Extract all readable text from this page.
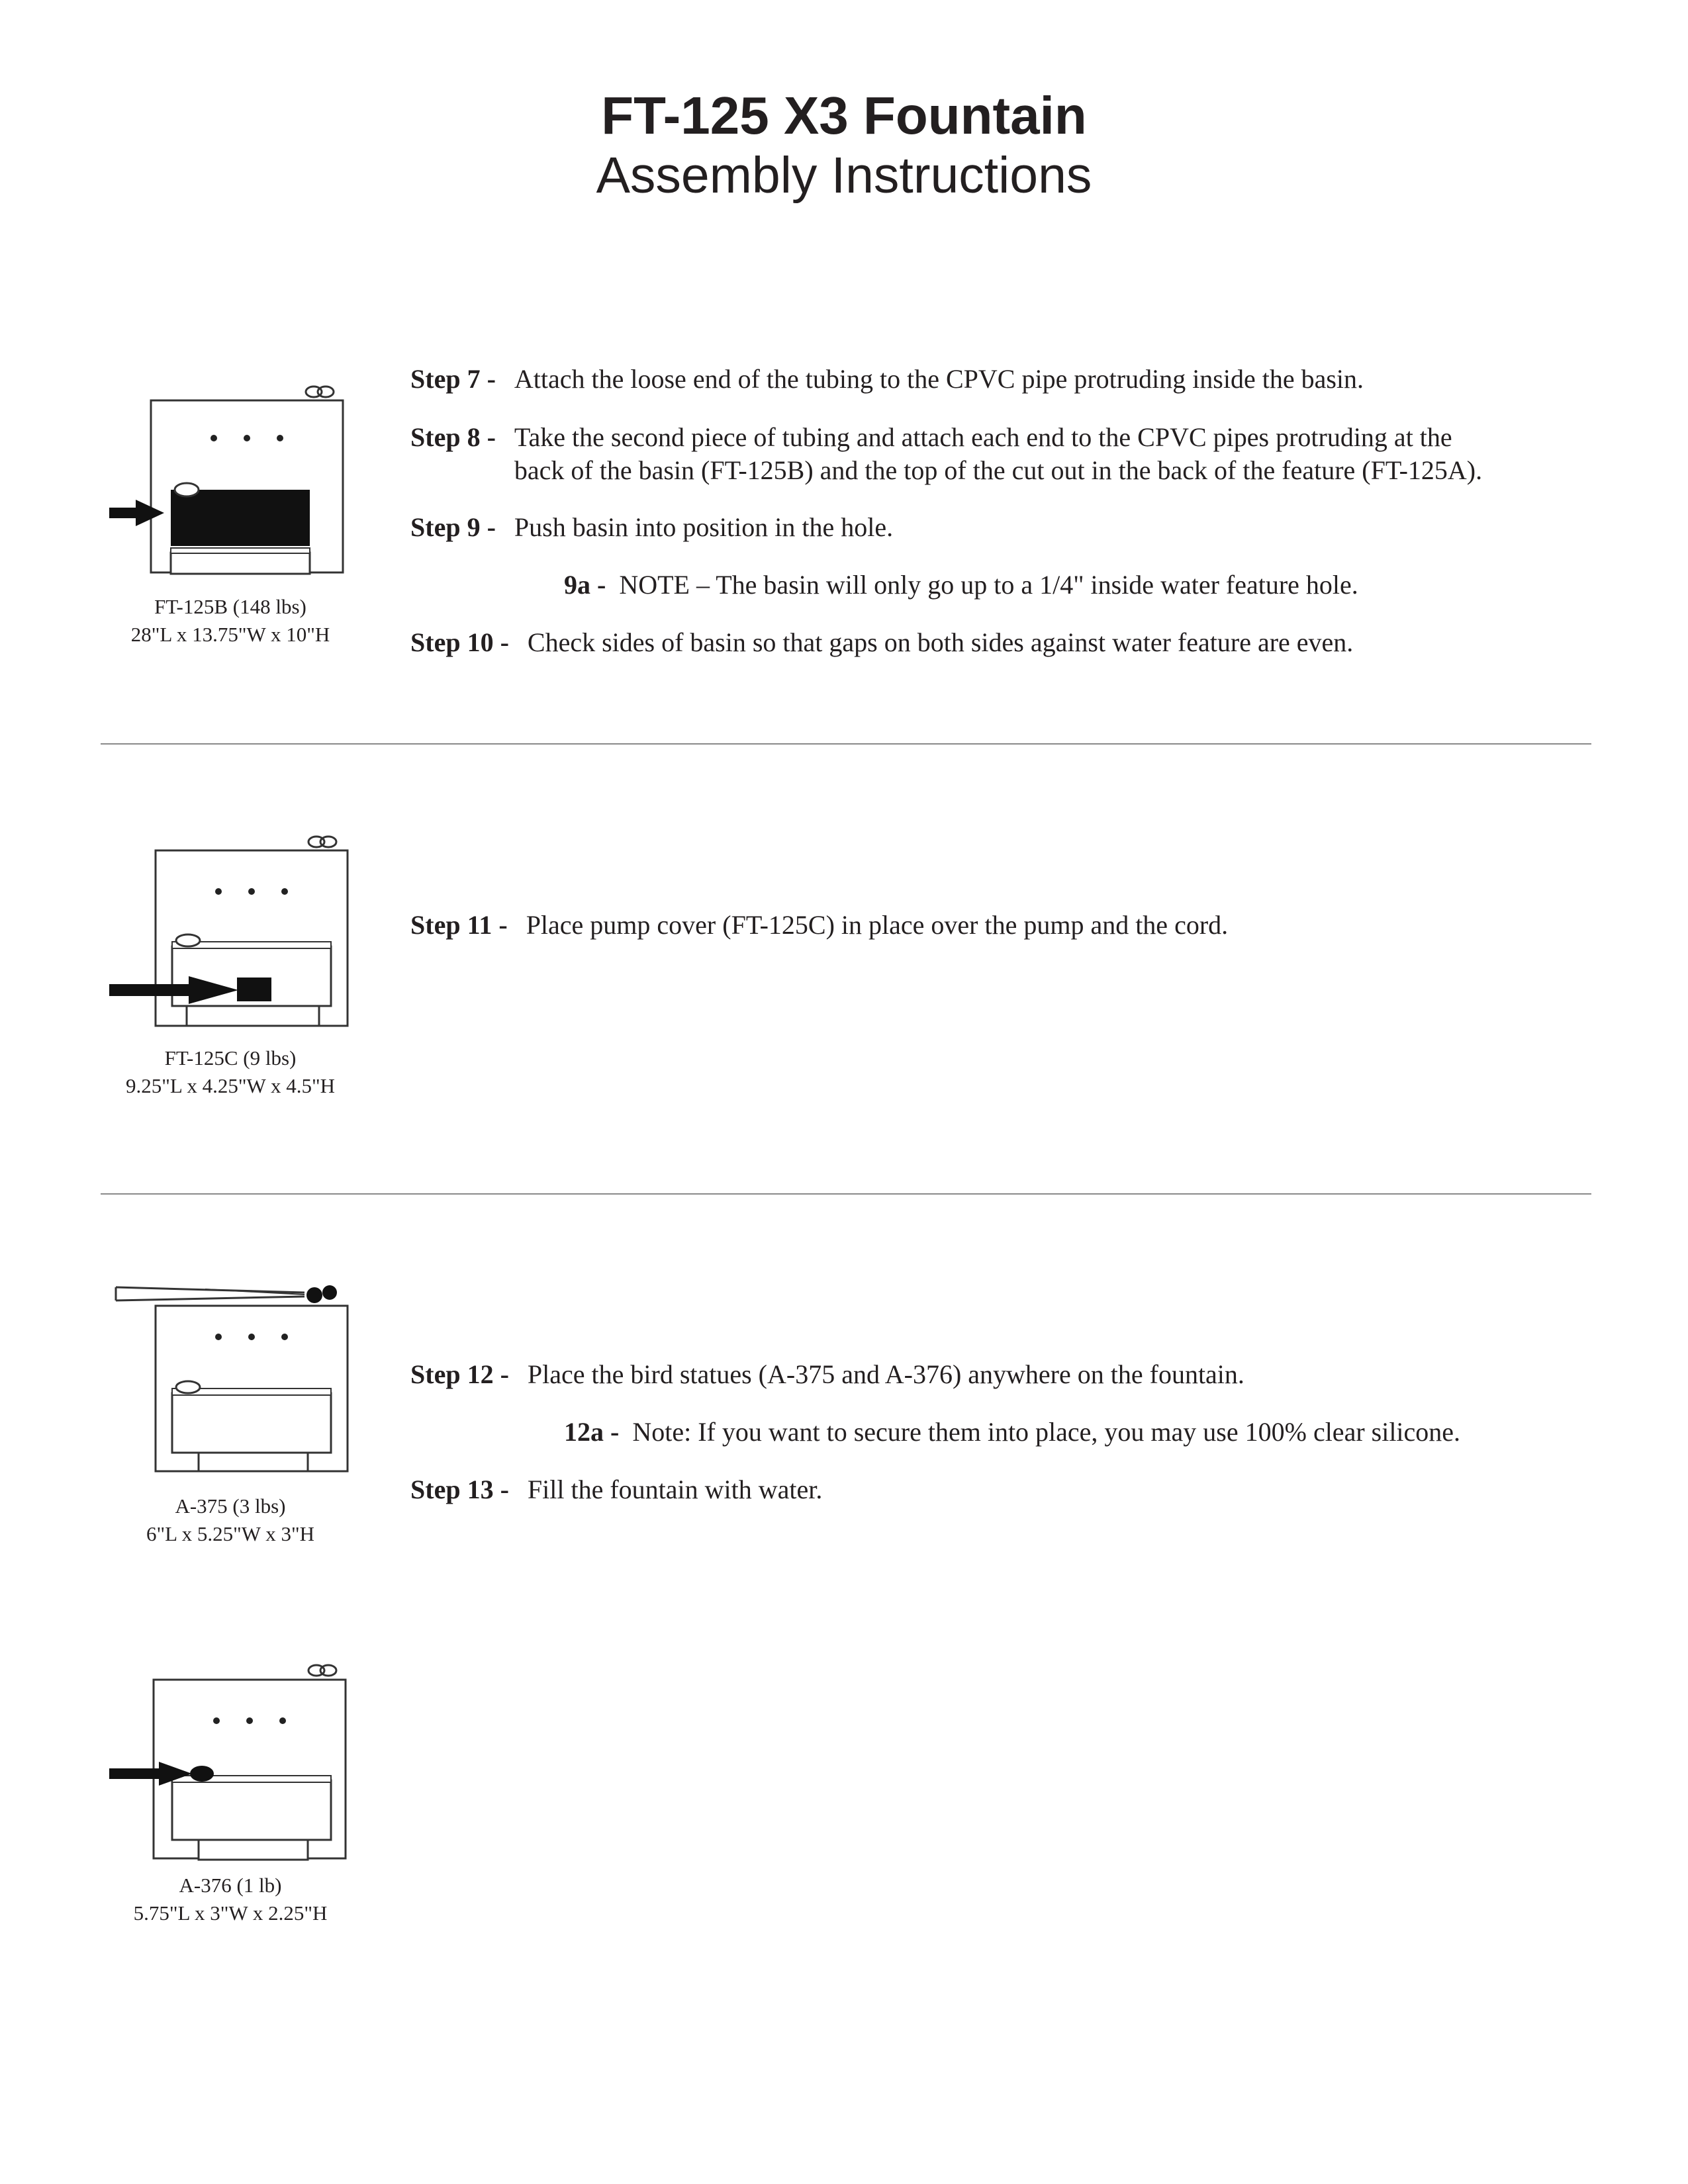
FT-125 X3 Fountain
Assembly Instructions
FT-125B (148 lbs)
28"L x 13.75"W x 10"H
Step 7 - Attach the loose end of the tubing to the CPVC pipe protruding inside the basin.
Step 8 - Take the second piece of tubing and attach each end to the CPVC pipes protruding at the
back of the basin (FT-125B) and the top of the cut out in the back of the feature (FT-125A).
Step 9 - Push basin into position in the hole.
9a - NOTE – The basin will only go up to a 1/4" inside water feature hole.
Step 10 - Check sides of basin so that gaps on both sides against water feature are even.
FT-125C (9 lbs)
9.25"L x 4.25"W x 4.5"H
Step 11 - Place pump cover (FT-125C) in place over the pump and the cord.
A-375 (3 lbs)
6"L x 5.25"W x 3"H
Step 12 - Place the bird statues (A-375 and A-376) anywhere on the fountain.
12a - Note: If you want to secure them into place, you may use 100% clear silicone.
Step 13 - Fill the fountain with water.
A-376 (1 lb)
5.75"L x 3"W x 2.25"H
